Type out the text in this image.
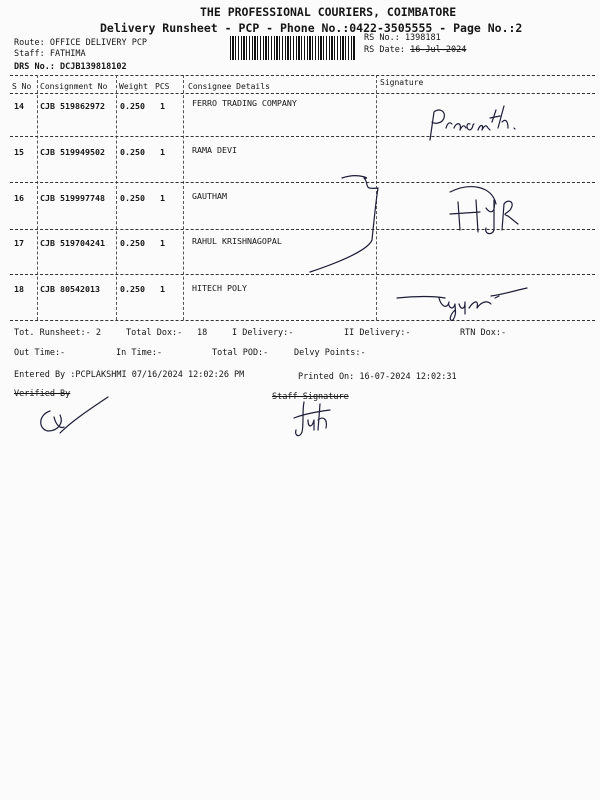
THE PROFESSIONAL COURIERS, COIMBATORE
Delivery Runsheet - PCP - Phone No.:0422-3505555 - Page No.:2
Route: OFFICE DELIVERY PCP
Staff: FATHIMA
DRS No.: DCJB139818102
RS No.: 1398181
RS Date: 16-Jul-2024
S No Consignment No Weight PCS Consignee Details	Signature
14 CJB 519862972 0.250 1	FERRO TRADING COMPANY
15 CJB 519949502 0.250 1	RAMA DEVI
16 CJB 519997748 0.250 1	GAUTHAM
17 CJB 519704241 0.250 1	RAHUL KRISHNAGOPAL
18 CJB 80542013 0.250 1	HITECH POLY
Tot. Runsheet:- 2	Total Dox:- 18	I Delivery:-	II Delivery:-	RTN Dox:-
Out Time:-	In Time:-	Total POD:-	Delvy Points:-
Entered By :PCPLAKSHMI 07/16/2024 12:02:26 PM	Printed On: 16-07-2024 12:02:31
Verified By	Staff Signature
